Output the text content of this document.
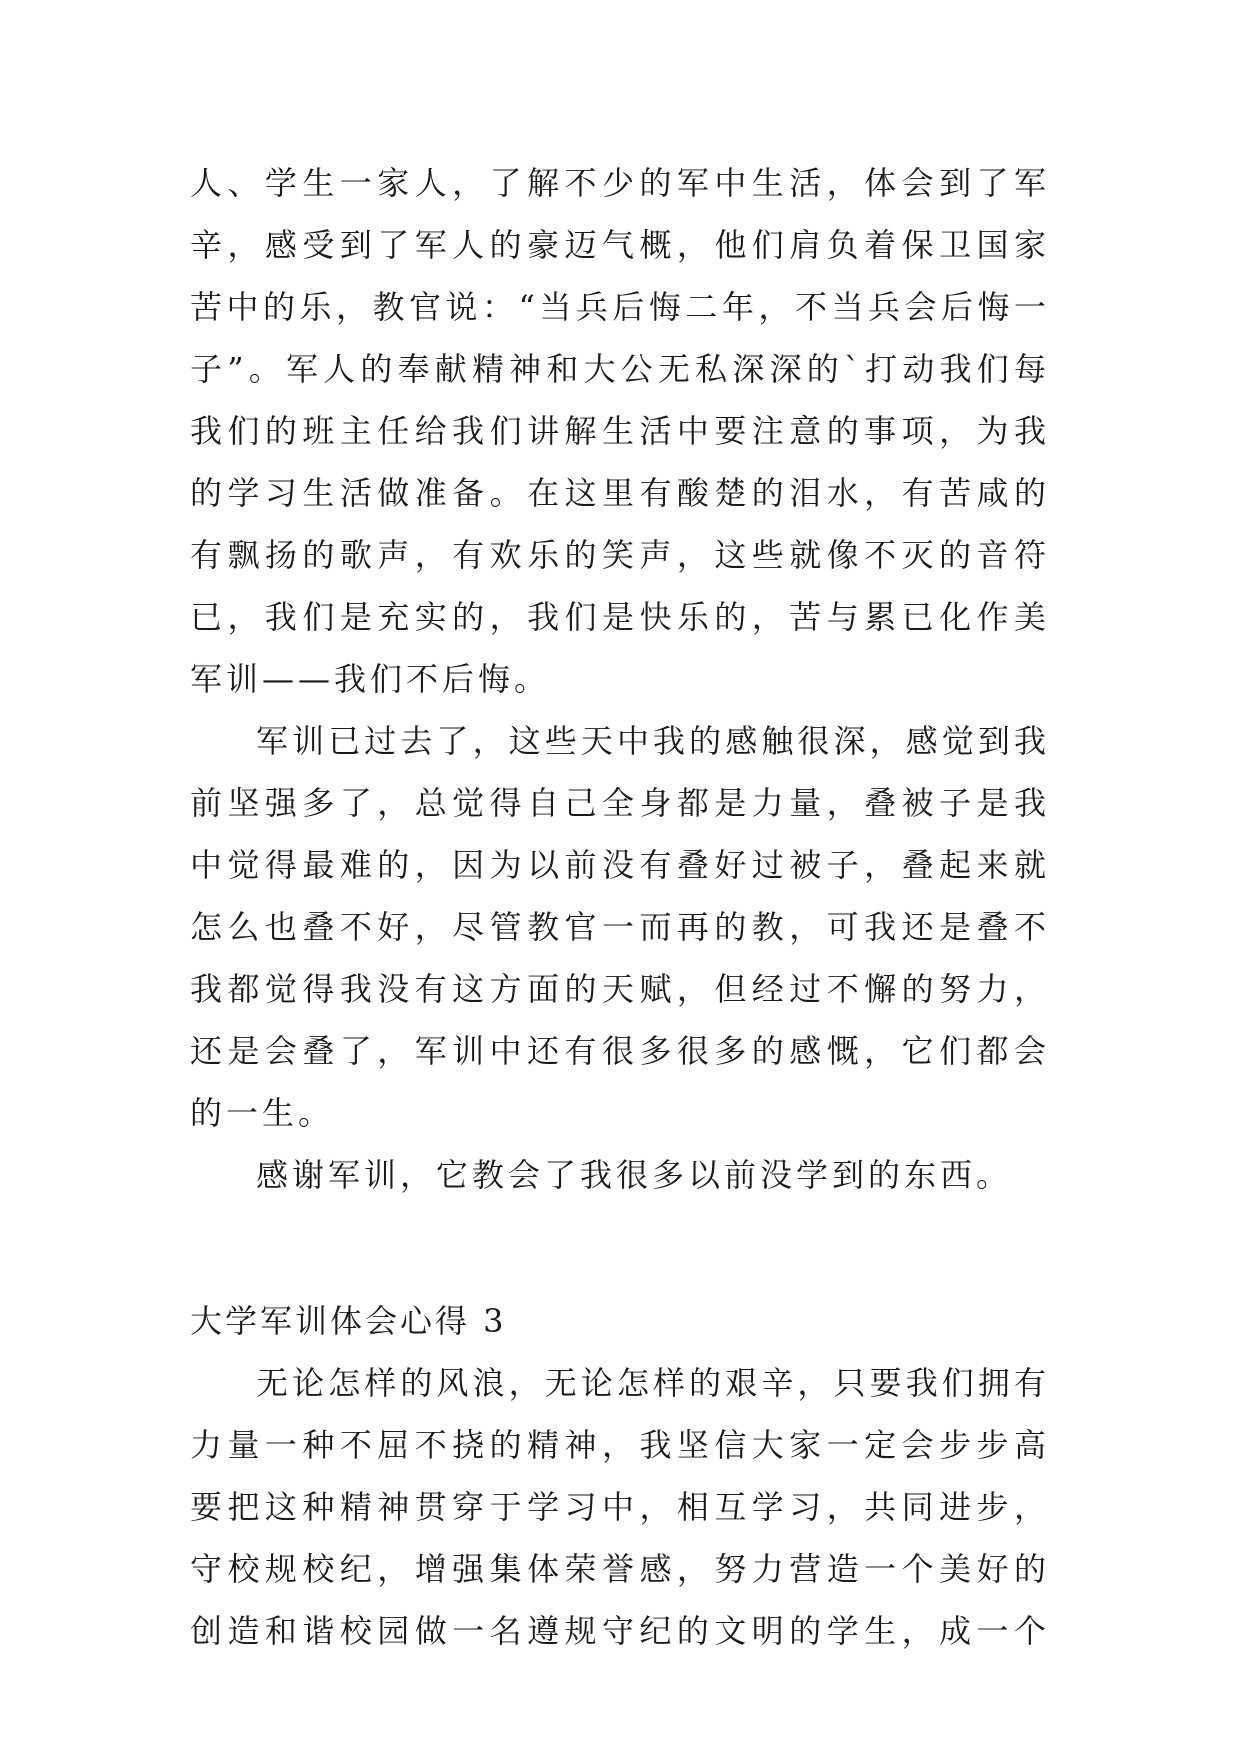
人、学生一家人，了解不少的军中生活，体会到了军
辛，感受到了军人的豪迈气概，他们肩负着保卫国家
苦中的乐，教官说：“当兵后悔二年，不当兵会后悔一
子”。军人的奉献精神和大公无私深深的`打动我们每
我们的班主任给我们讲解生活中要注意的事项，为我
的学习生活做准备。在这里有酸楚的泪水，有苦咸的
有飘扬的歌声，有欢乐的笑声，这些就像不灭的音符
已，我们是充实的，我们是快乐的，苦与累已化作美
军训——我们不后悔。
军训已过去了，这些天中我的感触很深，感觉到我
前坚强多了，总觉得自己全身都是力量，叠被子是我
中觉得最难的，因为以前没有叠好过被子，叠起来就
怎么也叠不好，尽管教官一而再的教，可我还是叠不
我都觉得我没有这方面的天赋，但经过不懈的努力，
还是会叠了，军训中还有很多很多的感慨，它们都会
的一生。
感谢军训，它教会了我很多以前没学到的东西。
大学军训体会心得 3
无论怎样的风浪，无论怎样的艰辛，只要我们拥有
力量一种不屈不挠的精神，我坚信大家一定会步步高
要把这种精神贯穿于学习中，相互学习，共同进步，
守校规校纪，增强集体荣誉感，努力营造一个美好的
创造和谐校园做一名遵规守纪的文明的学生，成一个
